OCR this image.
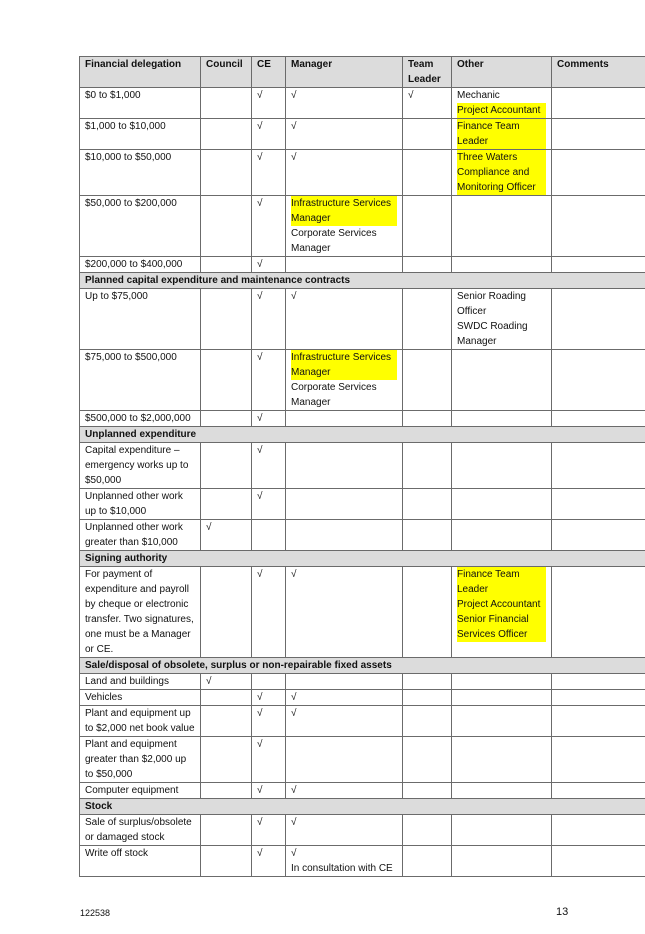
Financial delegation	Council	CE	Manager	Team Leader	Other	Comments
$0 to $1,000		√	√	√	Mechanic
Project Accountant	

$1,000 to $10,000		√	√		Finance Team Leader	

$10,000 to $50,000		√	√		Three Waters Compliance and Monitoring Officer	

$50,000 to $200,000		√	Infrastructure Services Manager
Corporate Services Manager			

$200,000 to $400,000		√				
Planned capital expenditure and maintenance contracts						
Up to $75,000		√	√		Senior Roading Officer
SWDC Roading Manager	

$75,000 to $500,000		√	Infrastructure Services Manager
Corporate Services Manager			

$500,000 to $2,000,000		√				
Unplanned expenditure						
Capital expenditure – emergency works up to $50,000		√				
Unplanned other work up to $10,000		√				
Unplanned other work greater than $10,000	√					
Signing authority						
For payment of expenditure and payroll by cheque or electronic transfer. Two signatures, one must be a Manager or CE.		√	√		Finance Team Leader
Project Accountant
Senior Financial Services Officer	

Sale/disposal of obsolete, surplus or non-repairable fixed assets						
Land and buildings	√					
Vehicles		√	√			

Plant and equipment up to $2,000 net book value		√	√			

Plant and equipment greater than $2,000 up to $50,000		√				
Computer equipment		√	√			

Stock						
Sale of surplus/obsolete or damaged stock		√	√			

Write off stock		√	√
In consultation with CE			

122538	13
